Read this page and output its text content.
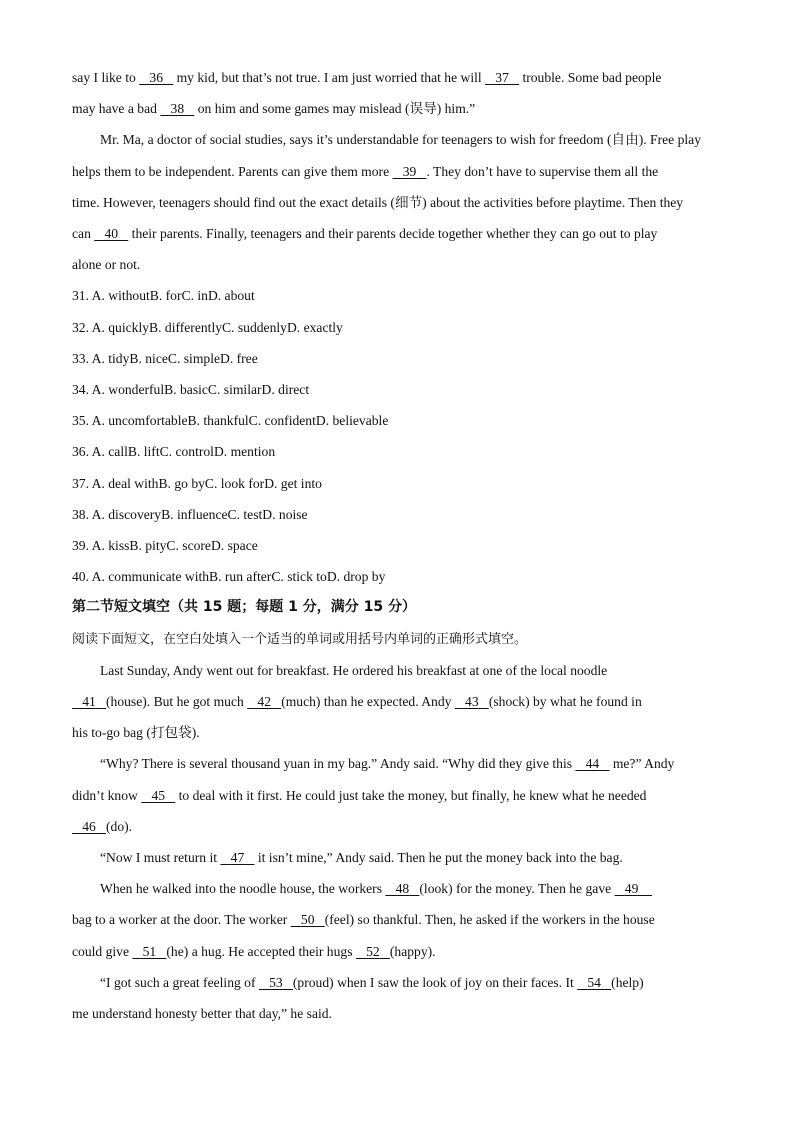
say I like to    36    my kid, but that’s not true. I am just worried that he will    37    trouble. Some bad people

may have a bad    38    on him and some games may mislead (误导) him.”

Mr. Ma, a doctor of social studies, says it’s understandable for teenagers to wish for freedom (自由). Free play

helps them to be independent. Parents can give them more    39 . They don’t have to supervise them all the

time. However, teenagers should find out the exact details (细节) about the activities before playtime. Then they

can    40    their parents. Finally, teenagers and their parents decide together whether they can go out to play

alone or not.

31. A. withoutB. forC. inD. about

32. A. quicklyB. differentlyC. suddenlyD. exactly

33. A. tidyB. niceC. simpleD. free

34. A. wonderfulB. basicC. similarD. direct

35. A. uncomfortableB. thankfulC. confidentD. believable

36. A. callB. liftC. controlD. mention

37. A. deal withB. go byC. look forD. get into

38. A. discoveryB. influenceC. testD. noise

39. A. kissB. pityC. scoreD. space

40. A. communicate withB. run afterC. stick toD. drop by

第二节短文填空（共 15 题；每题 1 分，满分 15 分）

阅读下面短文，在空白处填入一个适当的单词或用括号内单词的正确形式填空。

Last Sunday, Andy went out for breakfast. He ordered his breakfast at one of the local noodle

41 (house). But he got much    42 (much) than he expected. Andy    43 (shock) by what he found in

his to-go bag (打包袋).

“Why? There is several thousand yuan in my bag.” Andy said. “Why did they give this    44    me?” Andy

didn’t know    45    to deal with it first. He could just take the money, but finally, he knew what he needed

46 (do).

“Now I must return it    47    it isn’t mine,” Andy said. Then he put the money back into the bag.

When he walked into the noodle house, the workers    48 (look) for the money. Then he gave    49

bag to a worker at the door. The worker    50 (feel) so thankful. Then, he asked if the workers in the house

could give    51 (he) a hug. He accepted their hugs    52 (happy).

“I got such a great feeling of    53 (proud) when I saw the look of joy on their faces. It    54 (help)

me understand honesty better that day,” he said.
